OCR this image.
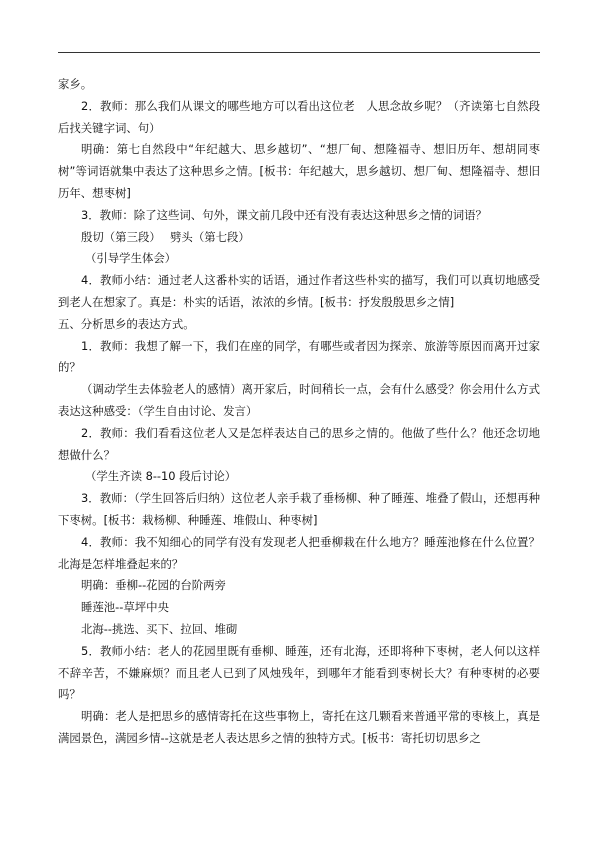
家乡。

2．教师：那么我们从课文的哪些地方可以看出这位老　人思念故乡呢？（齐读第七自然段后找关键字词、句）

明确：第七自然段中“年纪越大、思乡越切”、“想厂甸、想隆福寺、想旧历年、想胡同枣树”等词语就集中表达了这种思乡之情。[板书：年纪越大，思乡越切、想厂甸、想隆福寺、想旧历年、想枣树]

3．教师：除了这些词、句外，课文前几段中还有没有表达这种思乡之情的词语？

殷切（第三段）　 劈头（第七段）

（引导学生体会）

4．教师小结：通过老人这番朴实的话语，通过作者这些朴实的描写，我们可以真切地感受到老人在想家了。真是：朴实的话语，浓浓的乡情。[板书：抒发殷殷思乡之情]

五、分析思乡的表达方式。

1．教师：我想了解一下，我们在座的同学，有哪些或者因为探亲、旅游等原因而离开过家的？

（调动学生去体验老人的感情）离开家后，时间稍长一点，会有什么感受？你会用什么方式表达这种感受：（学生自由讨论、发言）

2．教师：我们看看这位老人又是怎样表达自己的思乡之情的。他做了些什么？他还念切地想做什么？

（学生齐读 8--10 段后讨论）

3．教师：（学生回答后归纳）这位老人亲手栽了垂杨柳、种了睡莲、堆叠了假山，还想再种下枣树。[板书：栽杨柳、种睡莲、堆假山、种枣树]

4．教师：我不知细心的同学有没有发现老人把垂柳栽在什么地方？睡莲池修在什么位置？北海是怎样堆叠起来的？

明确：垂柳--花园的台阶两旁

睡莲池--草坪中央

北海--挑选、买下、拉回、堆砌

5．教师小结：老人的花园里既有垂柳、睡莲，还有北海，还即将种下枣树，老人何以这样不辞辛苦，不嫌麻烦？而且老人已到了风烛残年，到哪年才能看到枣树长大？有种枣树的必要吗？

明确：老人是把思乡的感情寄托在这些事物上，寄托在这几颗看来普通平常的枣核上，真是满园景色，满园乡情--这就是老人表达思乡之情的独特方式。[板书：寄托切切思乡之
